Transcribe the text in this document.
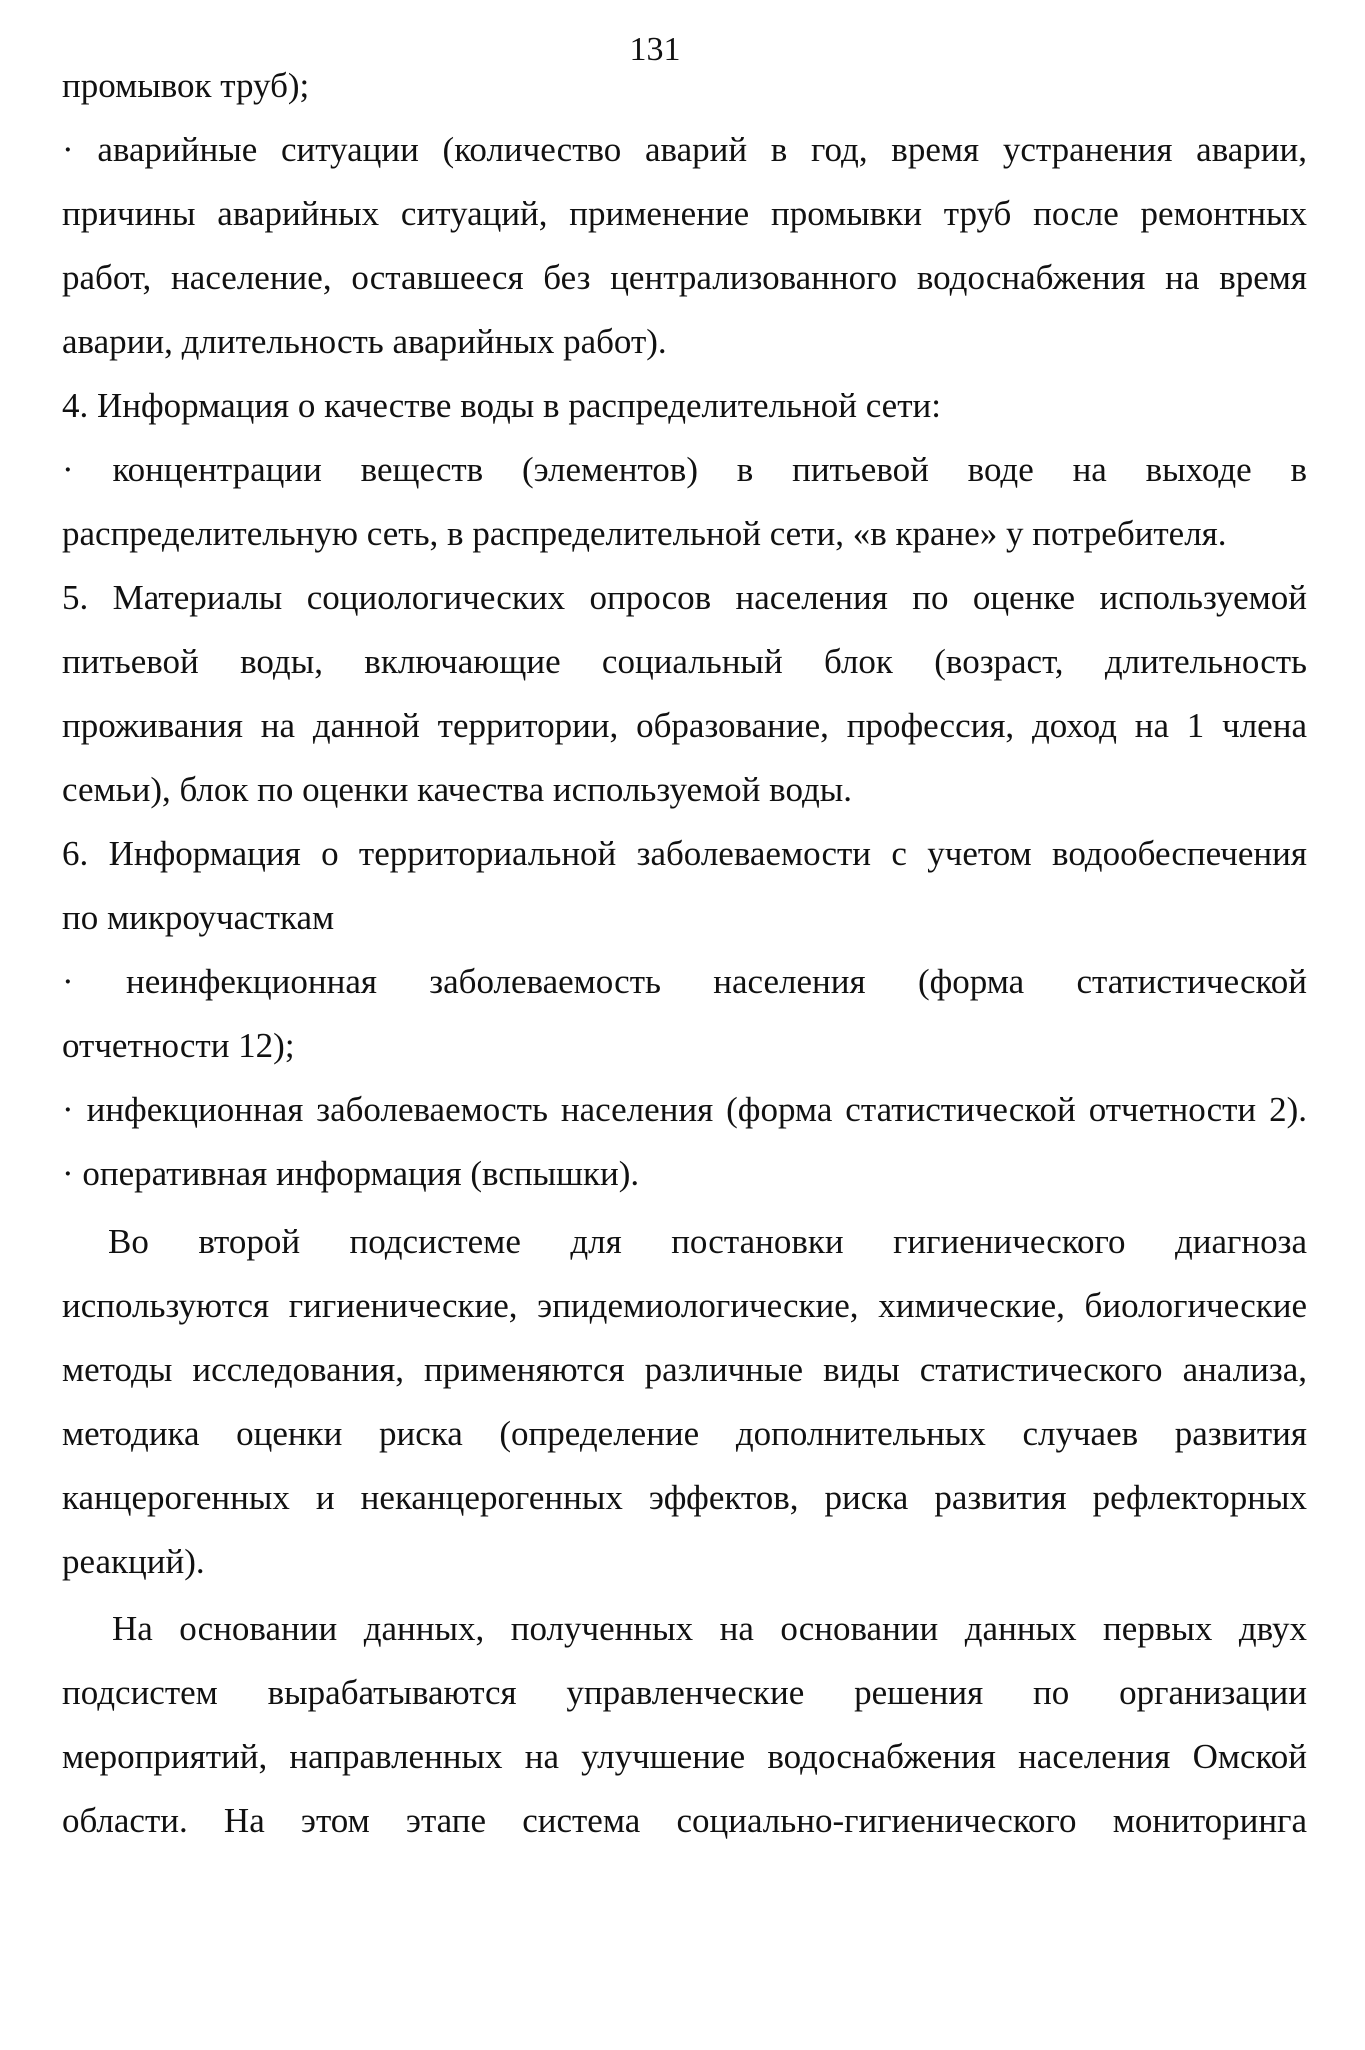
131
промывок труб);
· аварийные ситуации (количество аварий в год, время устранения аварии,
причины аварийных ситуаций, применение промывки труб после ремонтных
работ, население, оставшееся без централизованного водоснабжения на время
аварии, длительность аварийных работ).
4. Информация о качестве воды в распределительной сети:
· концентрации веществ (элементов) в питьевой воде на выходе в
распределительную сеть, в распределительной сети, «в кране» у потребителя.
5. Материалы социологических опросов населения по оценке используемой
питьевой воды, включающие социальный блок (возраст, длительность
проживания на данной территории, образование, профессия, доход на 1 члена
семьи), блок по оценки качества используемой воды.
6. Информация о территориальной заболеваемости с учетом водообеспечения
по микроучасткам
· неинфекционная заболеваемость населения (форма статистической
отчетности 12);
· инфекционная заболеваемость населения (форма статистической отчетности 2).
· оперативная информация (вспышки).
Во второй подсистеме для постановки гигиенического диагноза
используются гигиенические, эпидемиологические, химические, биологические
методы исследования, применяются различные виды статистического анализа,
методика оценки риска (определение дополнительных случаев развития
канцерогенных и неканцерогенных эффектов, риска развития рефлекторных
реакций).
На основании данных, полученных на основании данных первых двух
подсистем вырабатываются управленческие решения по организации
мероприятий, направленных на улучшение водоснабжения населения Омской
области. На этом этапе система социально-гигиенического мониторинга
